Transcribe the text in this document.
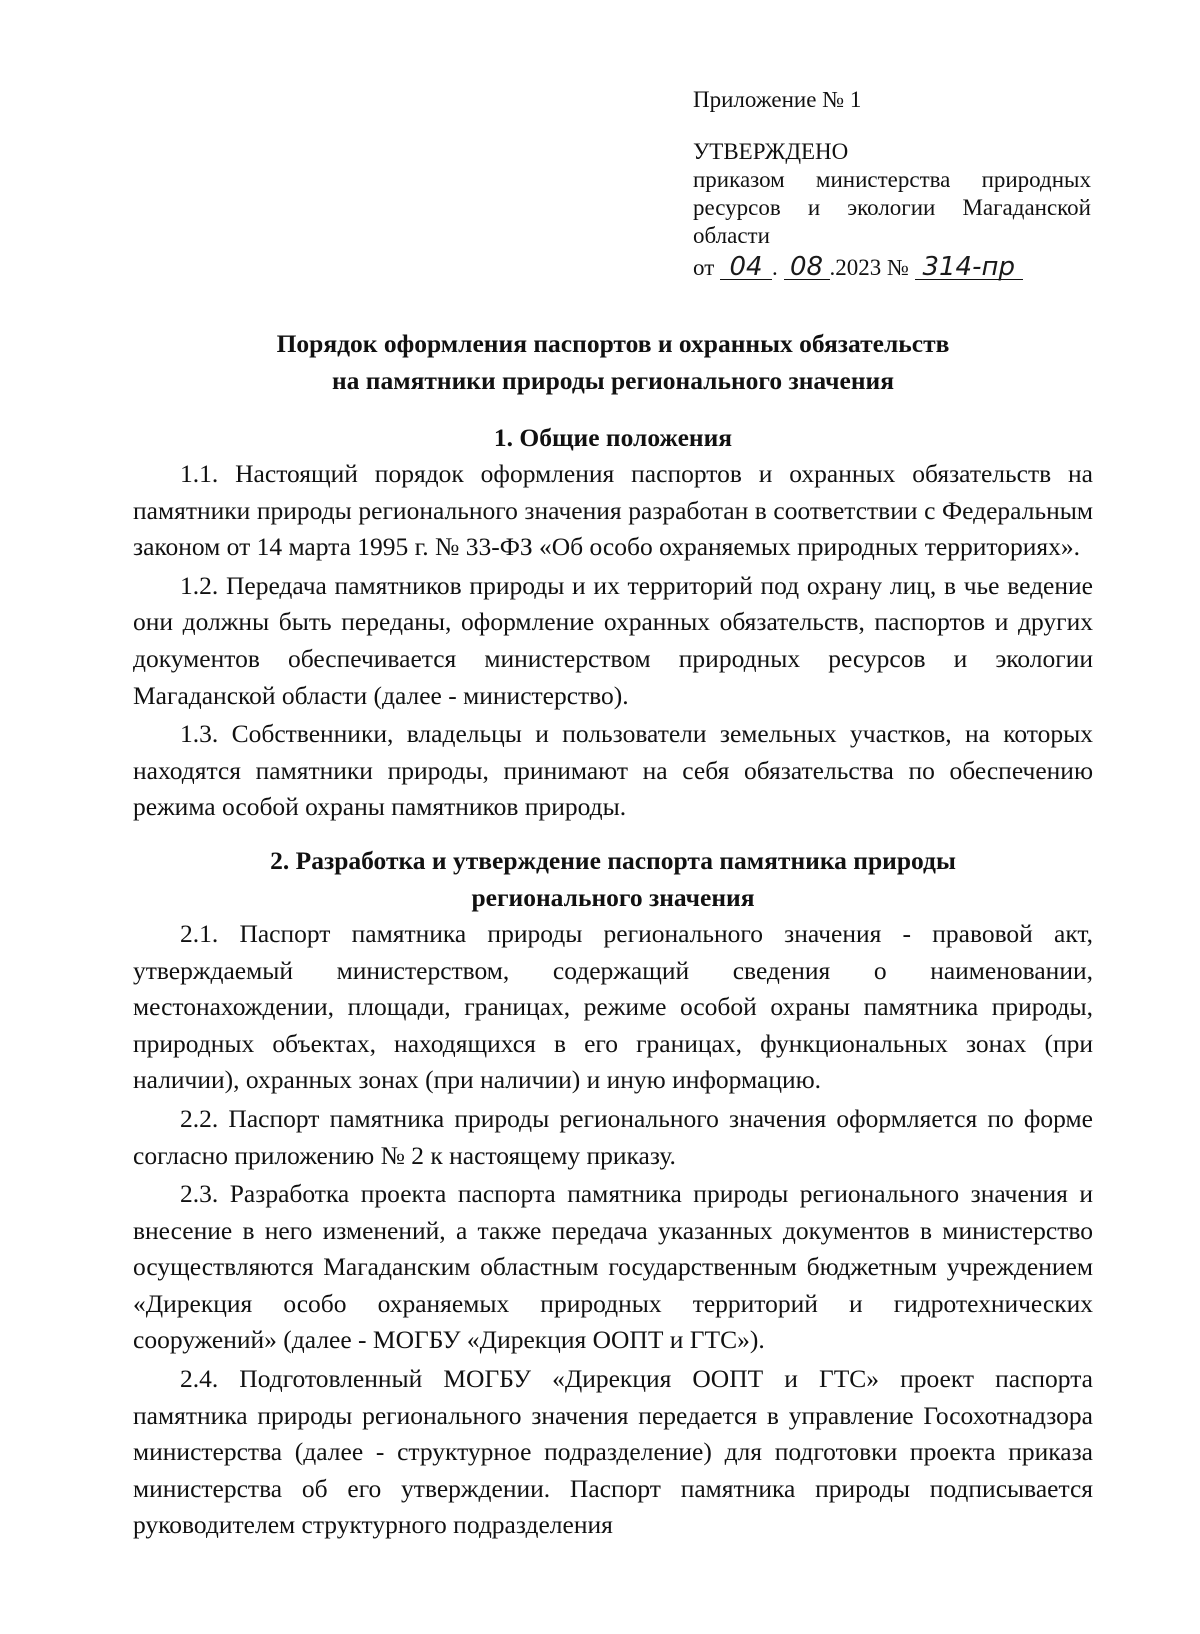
Приложение № 1

УТВЕРЖДЕНО

приказом министерства природных ресурсов и экологии Магаданской области

от 04 . 08 .2023 № 314-пр

Порядок оформления паспортов и охранных обязательств

на памятники природы регионального значения

1. Общие положения

1.1. Настоящий порядок оформления паспортов и охранных обязательств на памятники природы регионального значения разработан в соответствии с Федеральным законом от 14 марта 1995 г. № 33-ФЗ «Об особо охраняемых природных территориях».

1.2. Передача памятников природы и их территорий под охрану лиц, в чье ведение они должны быть переданы, оформление охранных обязательств, паспортов и других документов обеспечивается министерством природных ресурсов и экологии Магаданской области (далее - министерство).

1.3. Собственники, владельцы и пользователи земельных участков, на которых находятся памятники природы, принимают на себя обязательства по обеспечению режима особой охраны памятников природы.

2. Разработка и утверждение паспорта памятника природы

регионального значения

2.1. Паспорт памятника природы регионального значения - правовой акт, утверждаемый министерством, содержащий сведения о наименовании, местонахождении, площади, границах, режиме особой охраны памятника природы, природных объектах, находящихся в его границах, функциональных зонах (при наличии), охранных зонах (при наличии) и иную информацию.

2.2. Паспорт памятника природы регионального значения оформляется по форме согласно приложению № 2 к настоящему приказу.

2.3. Разработка проекта паспорта памятника природы регионального значения и внесение в него изменений, а также передача указанных документов в министерство осуществляются Магаданским областным государственным бюджетным учреждением «Дирекция особо охраняемых природных территорий и гидротехнических сооружений» (далее - МОГБУ «Дирекция ООПТ и ГТС»).

2.4. Подготовленный МОГБУ «Дирекция ООПТ и ГТС» проект паспорта памятника природы регионального значения передается в управление Госохотнадзора министерства (далее - структурное подразделение) для подготовки проекта приказа министерства об его утверждении. Паспорт памятника природы подписывается руководителем структурного подразделения
